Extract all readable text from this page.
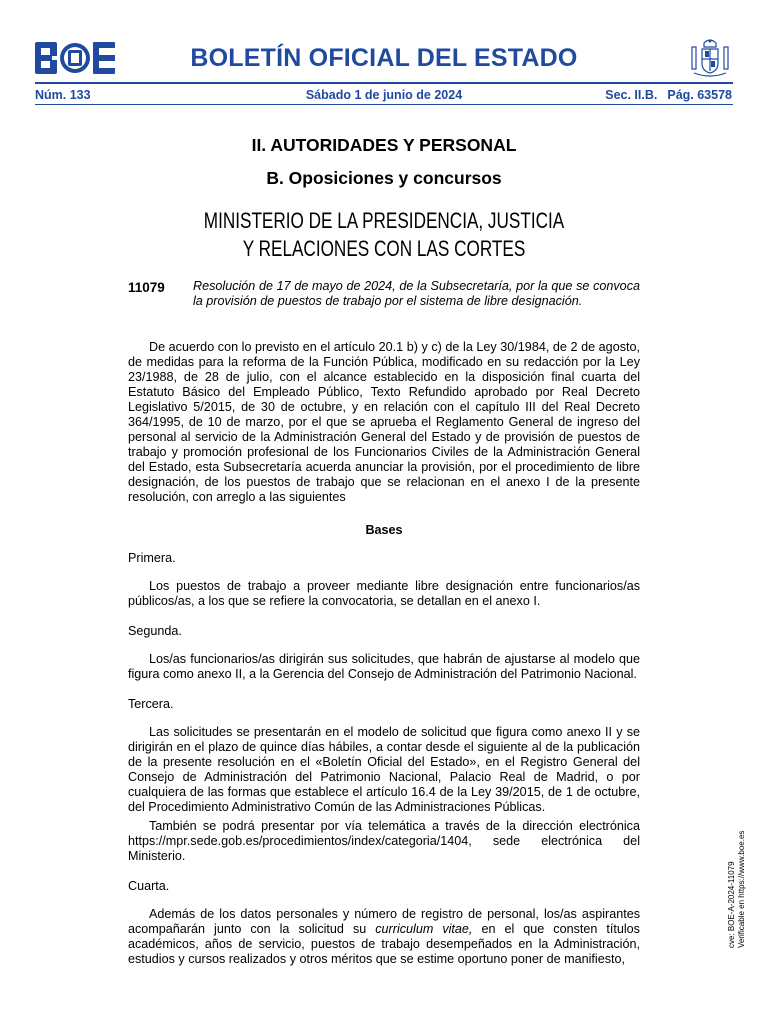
BOLETÍN OFICIAL DEL ESTADO
Núm. 133	Sábado 1 de junio de 2024	Sec. II.B. Pág. 63578
II. AUTORIDADES Y PERSONAL
B. Oposiciones y concursos
MINISTERIO DE LA PRESIDENCIA, JUSTICIA
Y RELACIONES CON LAS CORTES
11079 Resolución de 17 de mayo de 2024, de la Subsecretaría, por la que se convoca la provisión de puestos de trabajo por el sistema de libre designación.

De acuerdo con lo previsto en el artículo 20.1 b) y c) de la Ley 30/1984, de 2 de agosto, de medidas para la reforma de la Función Pública, modificado en su redacción por la Ley 23/1988, de 28 de julio, con el alcance establecido en la disposición final cuarta del Estatuto Básico del Empleado Público, Texto Refundido aprobado por Real Decreto Legislativo 5/2015, de 30 de octubre, y en relación con el capítulo III del Real Decreto 364/1995, de 10 de marzo, por el que se aprueba el Reglamento General de ingreso del personal al servicio de la Administración General del Estado y de provisión de puestos de trabajo y promoción profesional de los Funcionarios Civiles de la Administración General del Estado, esta Subsecretaría acuerda anunciar la provisión, por el procedimiento de libre designación, de los puestos de trabajo que se relacionan en el anexo I de la presente resolución, con arreglo a las siguientes

Bases

Primera.

Los puestos de trabajo a proveer mediante libre designación entre funcionarios/as públicos/as, a los que se refiere la convocatoria, se detallan en el anexo I.

Segunda.

Los/as funcionarios/as dirigirán sus solicitudes, que habrán de ajustarse al modelo que figura como anexo II, a la Gerencia del Consejo de Administración del Patrimonio Nacional.

Tercera.

Las solicitudes se presentarán en el modelo de solicitud que figura como anexo II y se dirigirán en el plazo de quince días hábiles, a contar desde el siguiente al de la publicación de la presente resolución en el «Boletín Oficial del Estado», en el Registro General del Consejo de Administración del Patrimonio Nacional, Palacio Real de Madrid, o por cualquiera de las formas que establece el artículo 16.4 de la Ley 39/2015, de 1 de octubre, del Procedimiento Administrativo Común de las Administraciones Públicas.

También se podrá presentar por vía telemática a través de la dirección electrónica https://mpr.sede.gob.es/procedimientos/index/categoria/1404, sede electrónica del Ministerio.

Cuarta.

Además de los datos personales y número de registro de personal, los/as aspirantes acompañarán junto con la solicitud su curriculum vitae, en el que consten títulos académicos, años de servicio, puestos de trabajo desempeñados en la Administración, estudios y cursos realizados y otros méritos que se estime oportuno poner de manifiesto,

cve: BOE-A-2024-11079 Verificable en https://www.boe.es
